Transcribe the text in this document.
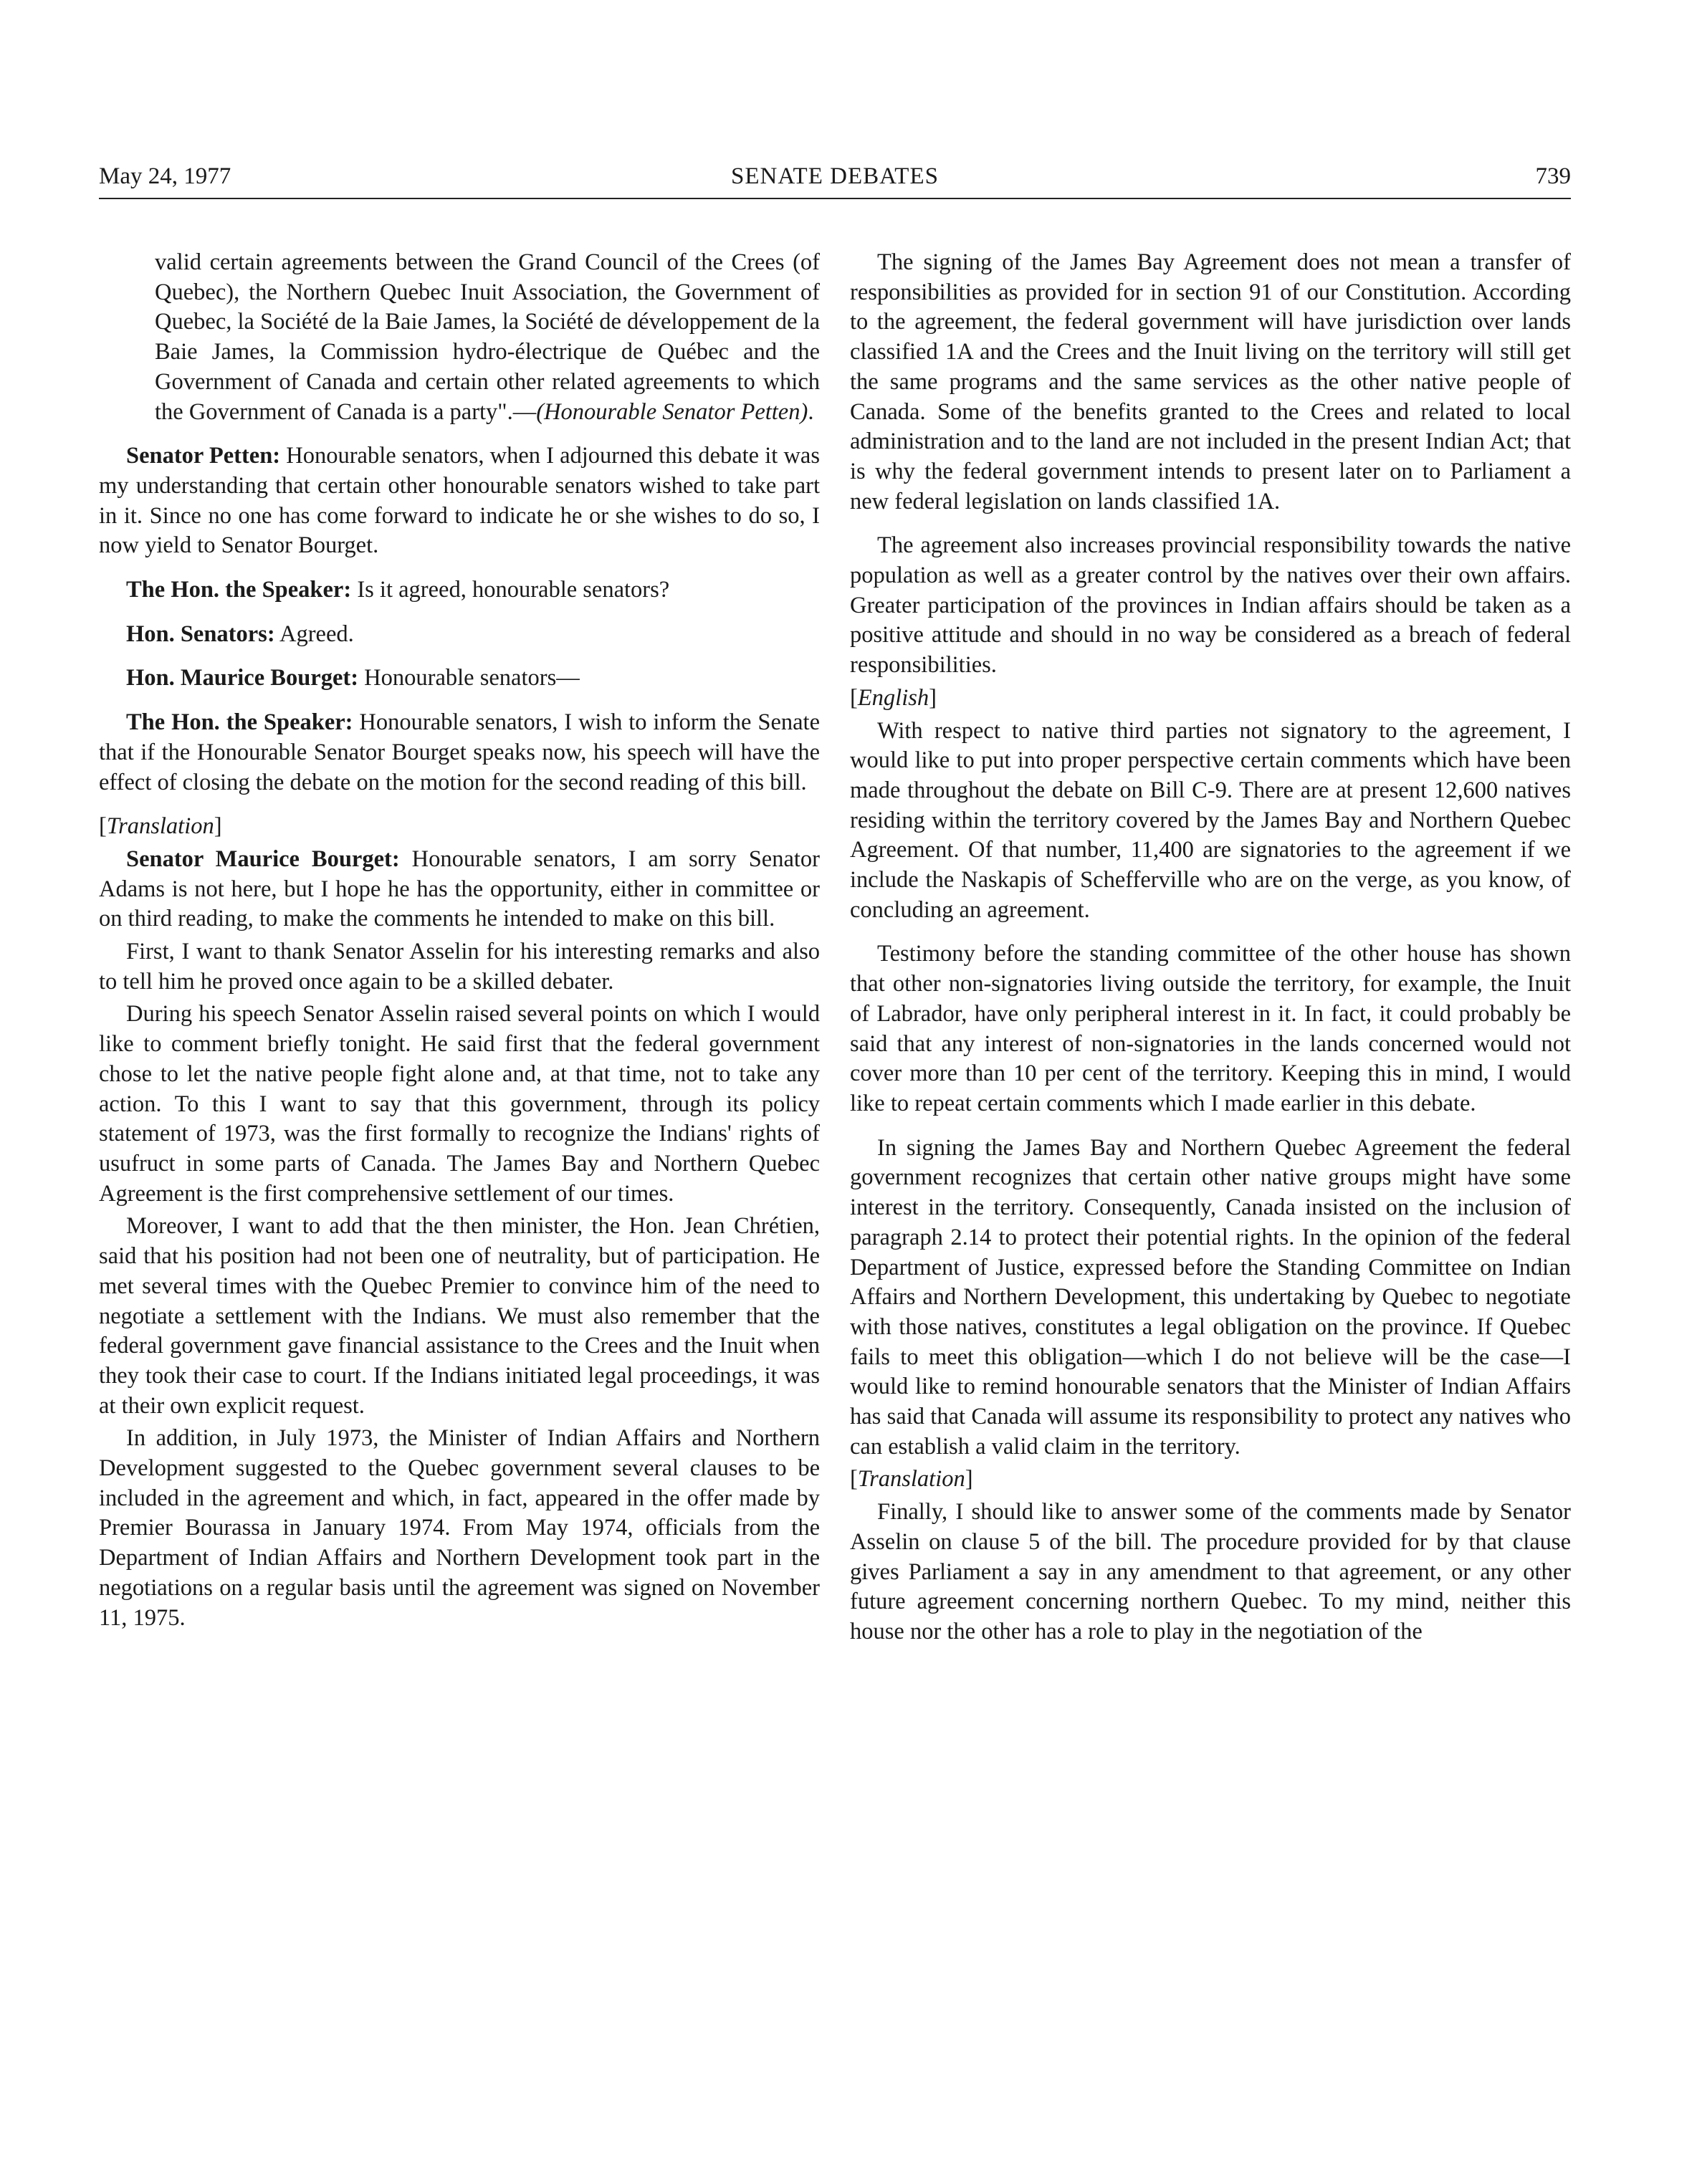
May 24, 1977	SENATE DEBATES	739

valid certain agreements between the Grand Council of the Crees (of Quebec), the Northern Quebec Inuit Association, the Government of Quebec, la Société de la Baie James, la Société de développement de la Baie James, la Commission hydro-électrique de Québec and the Government of Canada and certain other related agreements to which the Government of Canada is a party".—(Honourable Senator Petten).

Senator Petten: Honourable senators, when I adjourned this debate it was my understanding that certain other honourable senators wished to take part in it. Since no one has come forward to indicate he or she wishes to do so, I now yield to Senator Bourget.

The Hon. the Speaker: Is it agreed, honourable senators?

Hon. Senators: Agreed.

Hon. Maurice Bourget: Honourable senators—

The Hon. the Speaker: Honourable senators, I wish to inform the Senate that if the Honourable Senator Bourget speaks now, his speech will have the effect of closing the debate on the motion for the second reading of this bill.

[Translation]

Senator Maurice Bourget: Honourable senators, I am sorry Senator Adams is not here, but I hope he has the opportunity, either in committee or on third reading, to make the comments he intended to make on this bill.

First, I want to thank Senator Asselin for his interesting remarks and also to tell him he proved once again to be a skilled debater.

During his speech Senator Asselin raised several points on which I would like to comment briefly tonight. He said first that the federal government chose to let the native people fight alone and, at that time, not to take any action. To this I want to say that this government, through its policy statement of 1973, was the first formally to recognize the Indians' rights of usufruct in some parts of Canada. The James Bay and Northern Quebec Agreement is the first comprehensive settlement of our times.

Moreover, I want to add that the then minister, the Hon. Jean Chrétien, said that his position had not been one of neutrality, but of participation. He met several times with the Quebec Premier to convince him of the need to negotiate a settlement with the Indians. We must also remember that the federal government gave financial assistance to the Crees and the Inuit when they took their case to court. If the Indians initiated legal proceedings, it was at their own explicit request.

In addition, in July 1973, the Minister of Indian Affairs and Northern Development suggested to the Quebec government several clauses to be included in the agreement and which, in fact, appeared in the offer made by Premier Bourassa in January 1974. From May 1974, officials from the Department of Indian Affairs and Northern Development took part in the negotiations on a regular basis until the agreement was signed on November 11, 1975.

The signing of the James Bay Agreement does not mean a transfer of responsibilities as provided for in section 91 of our Constitution. According to the agreement, the federal government will have jurisdiction over lands classified 1A and the Crees and the Inuit living on the territory will still get the same programs and the same services as the other native people of Canada. Some of the benefits granted to the Crees and related to local administration and to the land are not included in the present Indian Act; that is why the federal government intends to present later on to Parliament a new federal legislation on lands classified 1A.

The agreement also increases provincial responsibility towards the native population as well as a greater control by the natives over their own affairs. Greater participation of the provinces in Indian affairs should be taken as a positive attitude and should in no way be considered as a breach of federal responsibilities.

[English]

With respect to native third parties not signatory to the agreement, I would like to put into proper perspective certain comments which have been made throughout the debate on Bill C-9. There are at present 12,600 natives residing within the territory covered by the James Bay and Northern Quebec Agreement. Of that number, 11,400 are signatories to the agreement if we include the Naskapis of Schefferville who are on the verge, as you know, of concluding an agreement.

Testimony before the standing committee of the other house has shown that other non-signatories living outside the territory, for example, the Inuit of Labrador, have only peripheral interest in it. In fact, it could probably be said that any interest of non-signatories in the lands concerned would not cover more than 10 per cent of the territory. Keeping this in mind, I would like to repeat certain comments which I made earlier in this debate.

In signing the James Bay and Northern Quebec Agreement the federal government recognizes that certain other native groups might have some interest in the territory. Consequently, Canada insisted on the inclusion of paragraph 2.14 to protect their potential rights. In the opinion of the federal Department of Justice, expressed before the Standing Committee on Indian Affairs and Northern Development, this undertaking by Quebec to negotiate with those natives, constitutes a legal obligation on the province. If Quebec fails to meet this obligation—which I do not believe will be the case—I would like to remind honourable senators that the Minister of Indian Affairs has said that Canada will assume its responsibility to protect any natives who can establish a valid claim in the territory.

[Translation]

Finally, I should like to answer some of the comments made by Senator Asselin on clause 5 of the bill. The procedure provided for by that clause gives Parliament a say in any amendment to that agreement, or any other future agreement concerning northern Quebec. To my mind, neither this house nor the other has a role to play in the negotiation of the
